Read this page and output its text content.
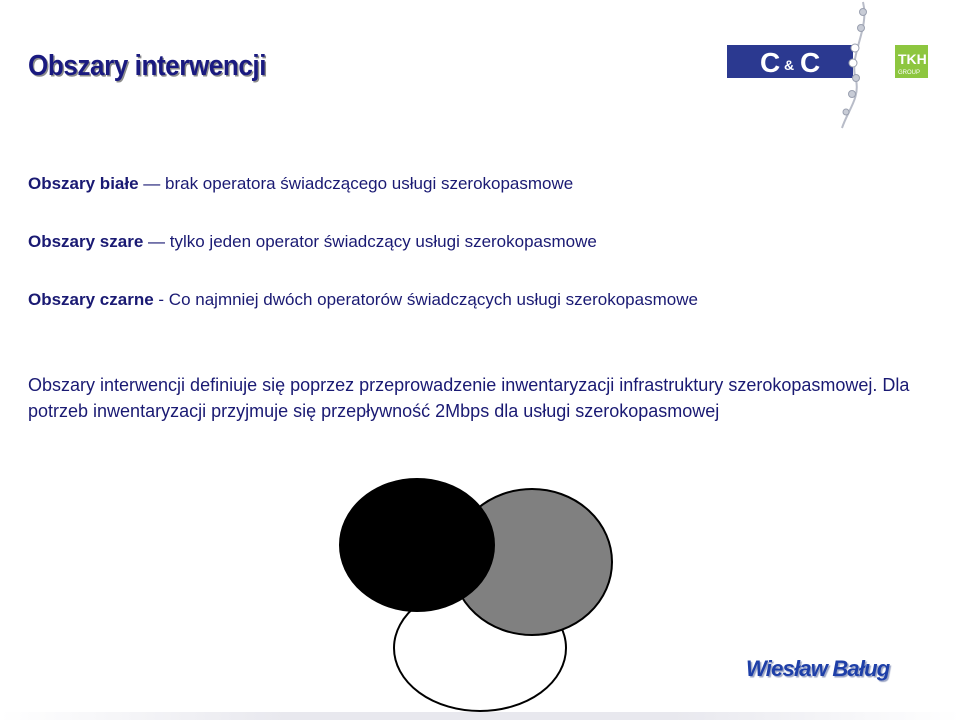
Obszary interwencji	C & C	TKH
GROUP
Obszary białe — brak operatora świadczącego usługi szerokopasmowe
Obszary szare — tylko jeden operator świadczący usługi szerokopasmowe
Obszary czarne - Co najmniej dwóch operatorów świadczących usługi szerokopasmowe

Obszary interwencji definiuje się poprzez przeprowadzenie inwentaryzacji infrastruktury szerokopasmowej. Dla potrzeb inwentaryzacji przyjmuje się przepływność 2Mbps dla usługi szerokopasmowej

Wiesław Baług
